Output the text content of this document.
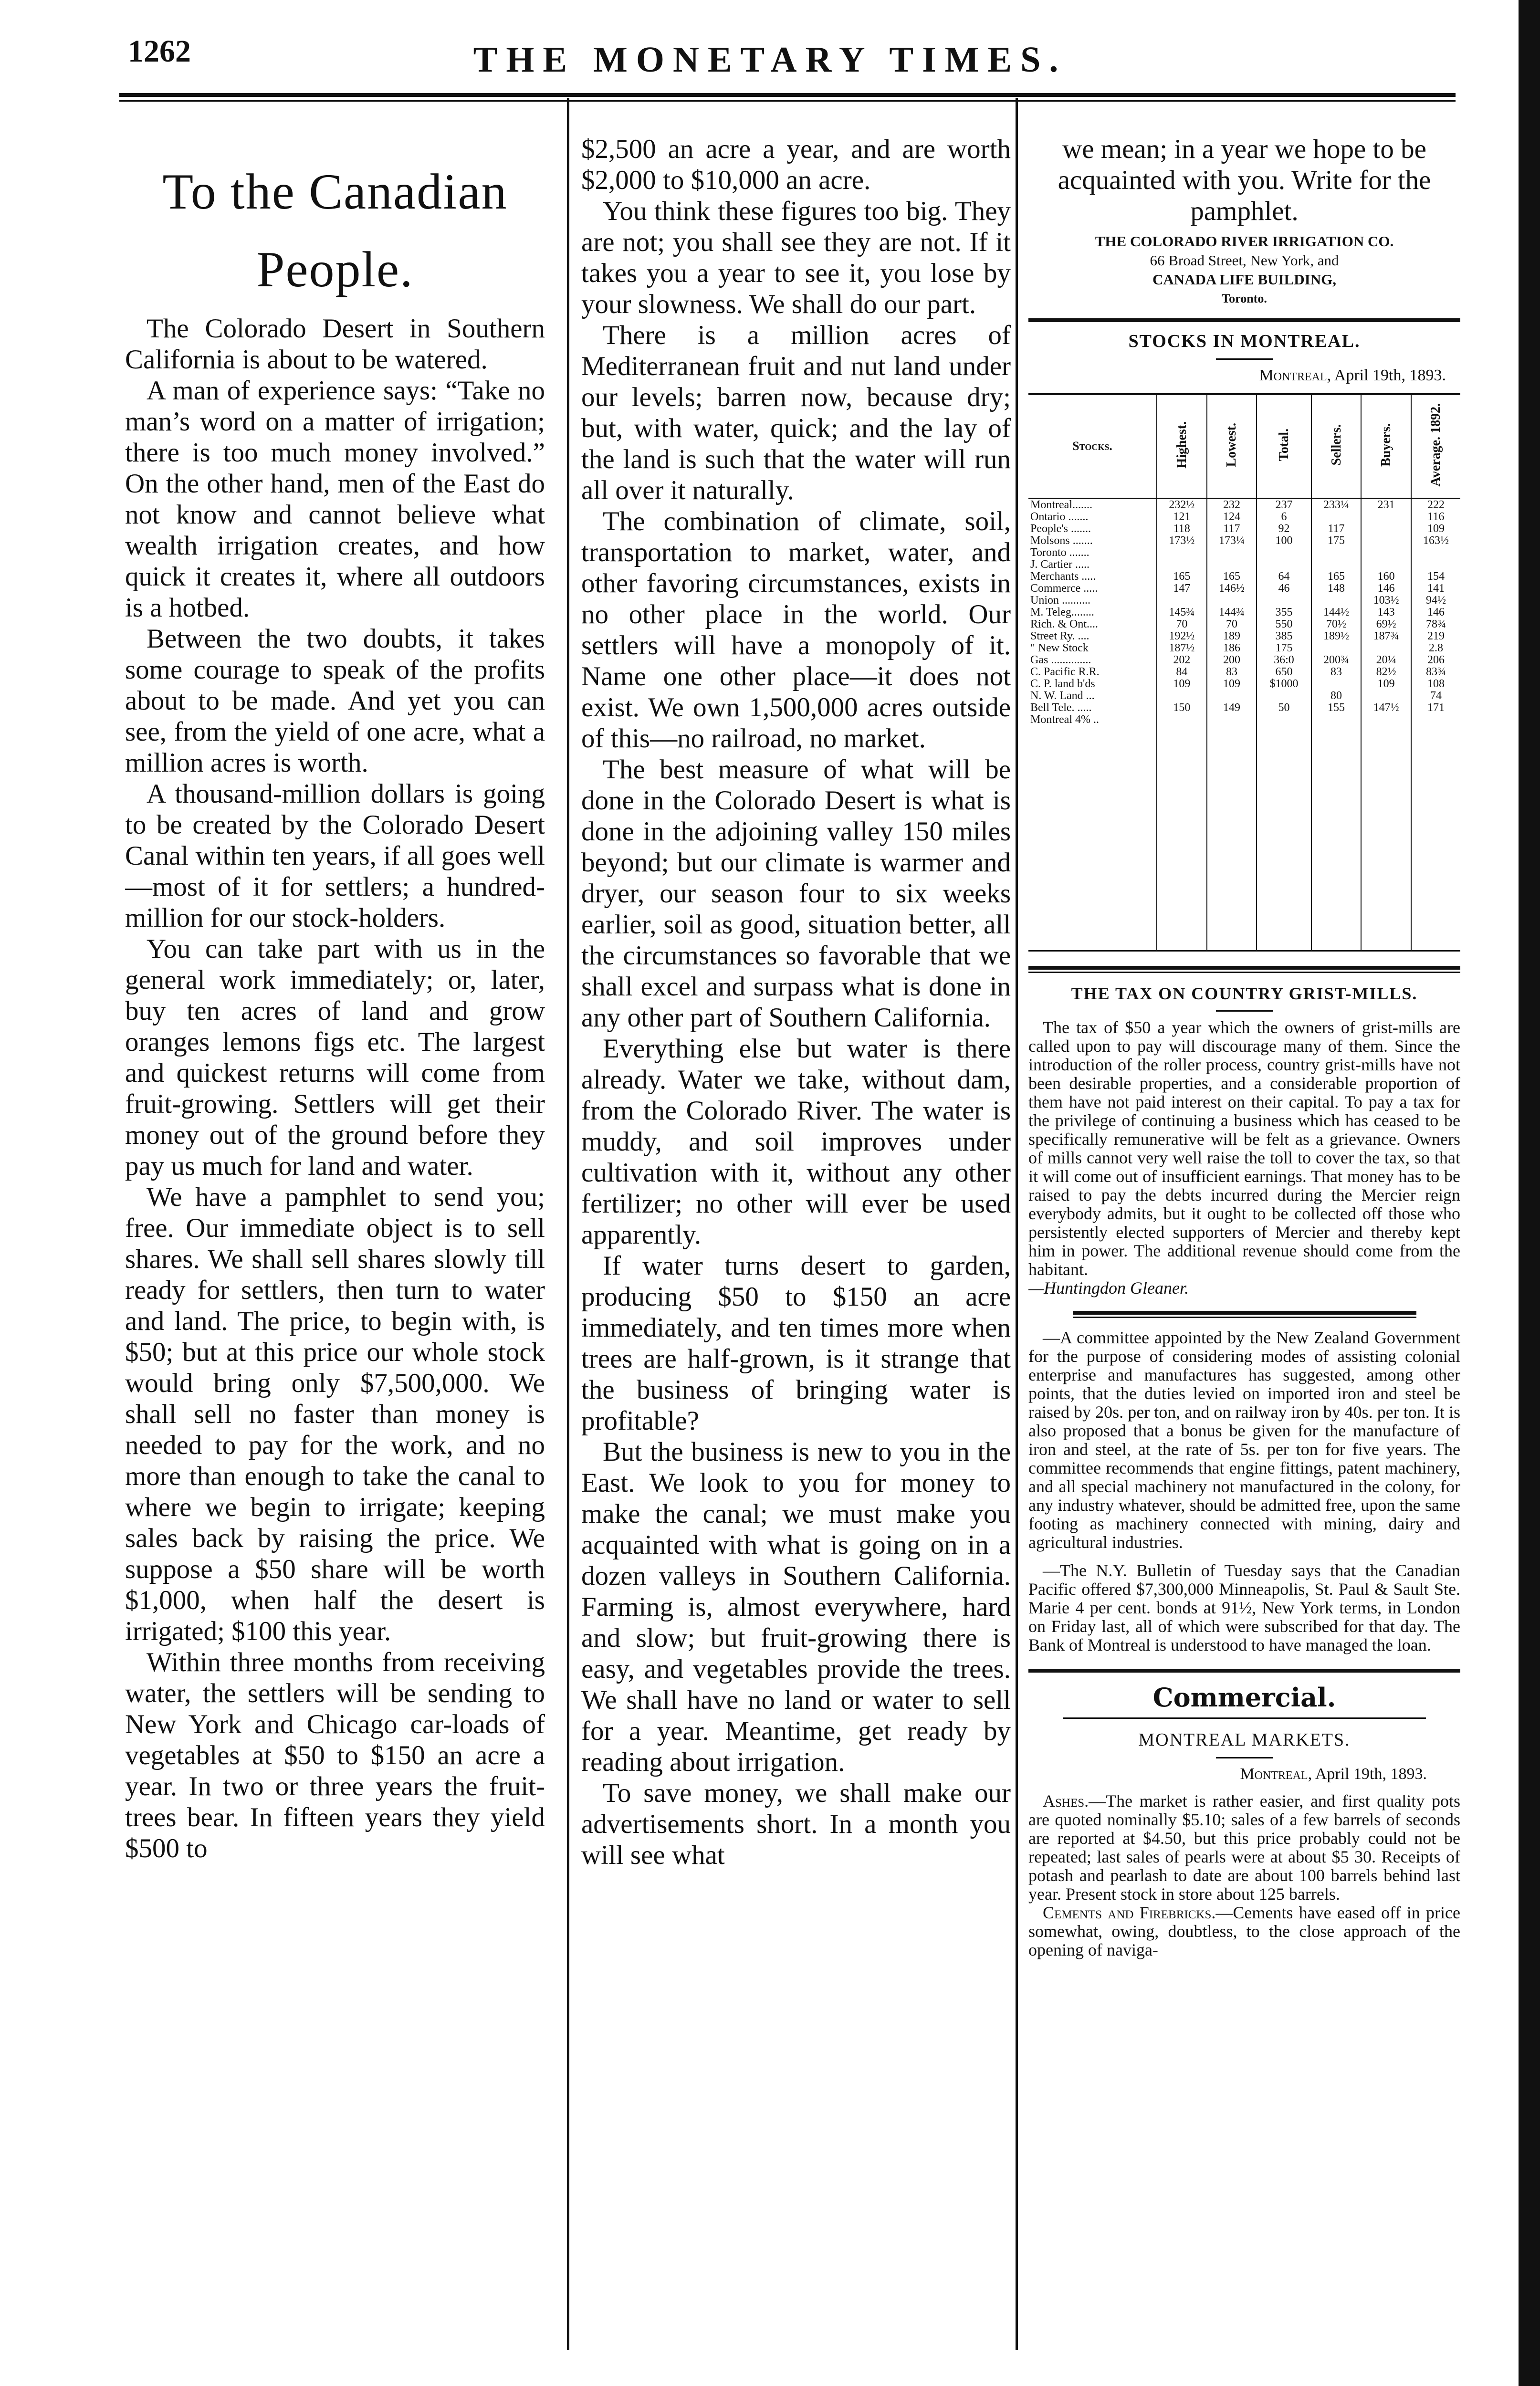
1262	THE MONETARY TIMES.
To the Canadian
People.

The Colorado Desert in Southern California is about to be watered.

A man of experience says: “Take no man’s word on a matter of irrigation; there is too much money involved.” On the other hand, men of the East do not know and cannot believe what wealth irrigation creates, and how quick it creates it, where all outdoors is a hotbed.

Between the two doubts, it takes some courage to speak of the profits about to be made. And yet you can see, from the yield of one acre, what a million acres is worth.

A thousand-million dollars is going to be created by the Colorado Desert Canal within ten years, if all goes well—most of it for settlers; a hundred-million for our stock-holders.

You can take part with us in the general work immediately; or, later, buy ten acres of land and grow oranges lemons figs etc. The largest and quickest returns will come from fruit-growing. Settlers will get their money out of the ground before they pay us much for land and water.

We have a pamphlet to send you; free. Our immediate object is to sell shares. We shall sell shares slowly till ready for settlers, then turn to water and land. The price, to begin with, is $50; but at this price our whole stock would bring only $7,500,000. We shall sell no faster than money is needed to pay for the work, and no more than enough to take the canal to where we begin to irrigate; keeping sales back by raising the price. We suppose a $50 share will be worth $1,000, when half the desert is irrigated; $100 this year.

Within three months from receiving water, the settlers will be sending to New York and Chicago car-loads of vegetables at $50 to $150 an acre a year. In two or three years the fruit-trees bear. In fifteen years they yield $500 to

$2,500 an acre a year, and are worth $2,000 to $10,000 an acre.

You think these figures too big. They are not; you shall see they are not. If it takes you a year to see it, you lose by your slowness. We shall do our part.

There is a million acres of Mediterranean fruit and nut land under our levels; barren now, because dry; but, with water, quick; and the lay of the land is such that the water will run all over it naturally.

The combination of climate, soil, transportation to market, water, and other favoring circumstances, exists in no other place in the world. Our settlers will have a monopoly of it. Name one other place—it does not exist. We own 1,500,000 acres outside of this—no railroad, no market.

The best measure of what will be done in the Colorado Desert is what is done in the adjoining valley 150 miles beyond; but our climate is warmer and dryer, our season four to six weeks earlier, soil as good, situation better, all the circumstances so favorable that we shall excel and surpass what is done in any other part of Southern California.

Everything else but water is there already. Water we take, without dam, from the Colorado River. The water is muddy, and soil improves under cultivation with it, without any other fertilizer; no other will ever be used apparently.

If water turns desert to garden, producing $50 to $150 an acre immediately, and ten times more when trees are half-grown, is it strange that the business of bringing water is profitable?

But the business is new to you in the East. We look to you for money to make the canal; we must make you acquainted with what is going on in a dozen valleys in Southern California. Farming is, almost everywhere, hard and slow; but fruit-growing there is easy, and vegetables provide the trees. We shall have no land or water to sell for a year. Meantime, get ready by reading about irrigation.

To save money, we shall make our advertisements short. In a month you will see what

we mean; in a year we hope to be acquainted with you. Write for the pamphlet.

THE COLORADO RIVER IRRIGATION CO.
66 Broad Street, New York, and
CANADA LIFE BUILDING,
Toronto.
STOCKS IN MONTREAL.
Montreal, April 19th, 1893.
Stocks.	Highest.	Lowest.	Total.	Sellers.	Buyers.	Average. 1892.
Montreal.......	232½	232	237	233¼	231	222
Ontario .......	121	124	6			116
People's .......	118	117	92	117		109
Molsons .......	173½	173¼	100	175		163½
Toronto .......						
J. Cartier .....						
Merchants .....	165	165	64	165	160	154
Commerce .....	147	146½	46	148	146	141
Union ..........					103½	94½
M. Teleg........	145¾	144¾	355	144½	143	146
Rich. & Ont....	70	70	550	70½	69½	78¾
Street Ry. ....	192½	189	385	189½	187¾	219
" New Stock	187½	186	175			2.8
Gas ..............	202	200	36:0	200¾	20¼	206
C. Pacific R.R.	84	83	650	83	82½	83¾
C. P. land b'ds	109	109	$1000		109	108
N. W. Land ...				80		74
Bell Tele. .....	150	149	50	155	147½	171
Montreal 4% ..						

THE TAX ON COUNTRY GRIST-MILLS.

The tax of $50 a year which the owners of grist-mills are called upon to pay will discourage many of them. Since the introduction of the roller process, country grist-mills have not been desirable properties, and a considerable proportion of them have not paid interest on their capital. To pay a tax for the privilege of continuing a business which has ceased to be specifically remunerative will be felt as a grievance. Owners of mills cannot very well raise the toll to cover the tax, so that it will come out of insufficient earnings. That money has to be raised to pay the debts incurred during the Mercier reign everybody admits, but it ought to be collected off those who persistently elected supporters of Mercier and thereby kept him in power. The additional revenue should come from the habitant.
—Huntingdon Gleaner.

—A committee appointed by the New Zealand Government for the purpose of considering modes of assisting colonial enterprise and manufactures has suggested, among other points, that the duties levied on imported iron and steel be raised by 20s. per ton, and on railway iron by 40s. per ton. It is also proposed that a bonus be given for the manufacture of iron and steel, at the rate of 5s. per ton for five years. The committee recommends that engine fittings, patent machinery, and all special machinery not manufactured in the colony, for any industry whatever, should be admitted free, upon the same footing as machinery connected with mining, dairy and agricultural industries.

—The N.Y. Bulletin of Tuesday says that the Canadian Pacific offered $7,300,000 Minneapolis, St. Paul & Sault Ste. Marie 4 per cent. bonds at 91½, New York terms, in London on Friday last, all of which were subscribed for that day. The Bank of Montreal is understood to have managed the loan.

Commercial.
MONTREAL MARKETS.
Montreal, April 19th, 1893.

Ashes.—The market is rather easier, and first quality pots are quoted nominally $5.10; sales of a few barrels of seconds are reported at $4.50, but this price probably could not be repeated; last sales of pearls were at about $5 30. Receipts of potash and pearlash to date are about 100 barrels behind last year. Present stock in store about 125 barrels.

Cements and Firebricks.—Cements have eased off in price somewhat, owing, doubtless, to the close approach of the opening of naviga-
